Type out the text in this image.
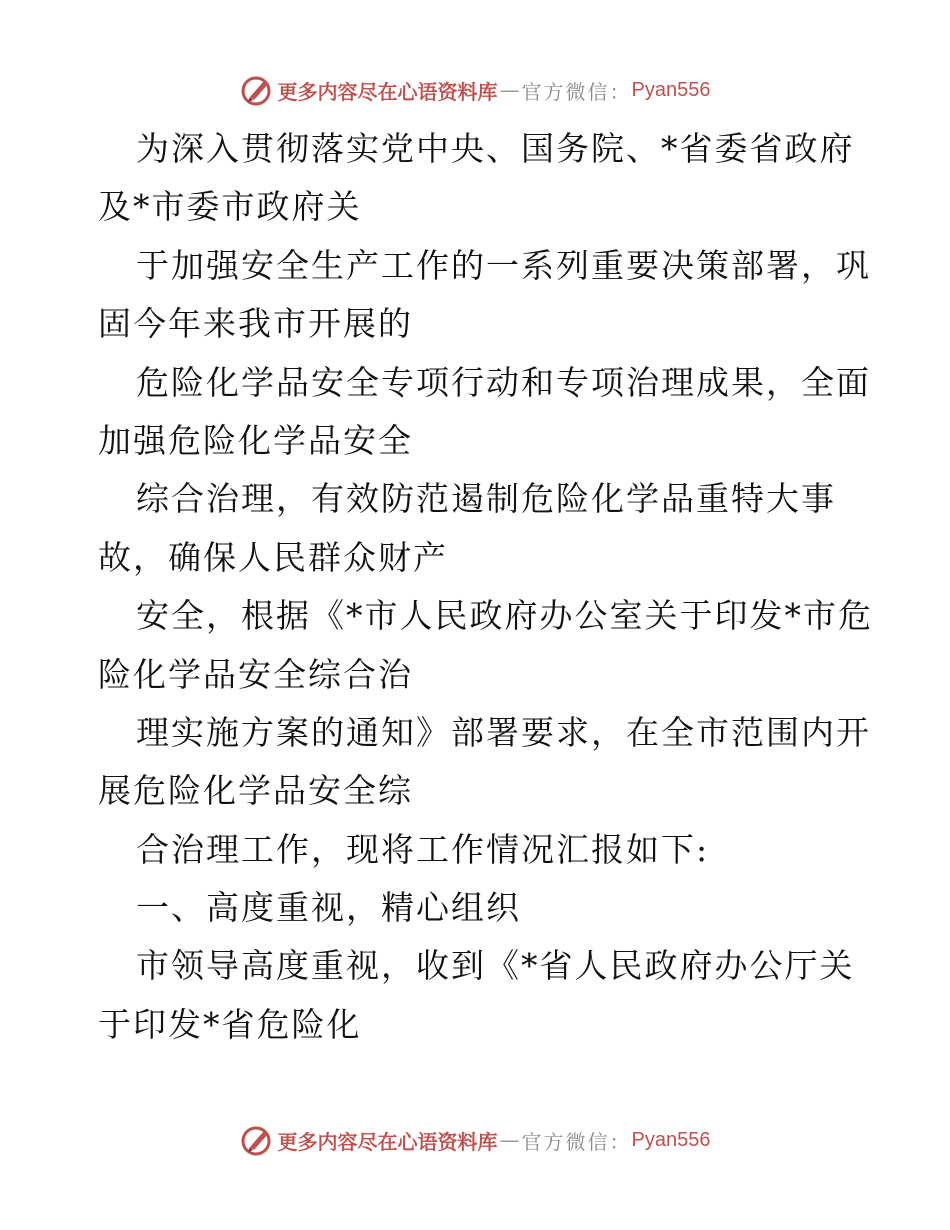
更多内容尽在心语资料库 — 官方微信： Pyan556
为深入贯彻落实党中央、国务院、*省委省政府
及*市委市政府关
于加强安全生产工作的一系列重要决策部署，巩
固今年来我市开展的
危险化学品安全专项行动和专项治理成果，全面
加强危险化学品安全
综合治理，有效防范遏制危险化学品重特大事
故，确保人民群众财产
安全，根据《*市人民政府办公室关于印发*市危
险化学品安全综合治
理实施方案的通知》部署要求，在全市范围内开
展危险化学品安全综
合治理工作，现将工作情况汇报如下:
一、高度重视，精心组织
市领导高度重视，收到《*省人民政府办公厅关
于印发*省危险化
更多内容尽在心语资料库 — 官方微信： Pyan556
